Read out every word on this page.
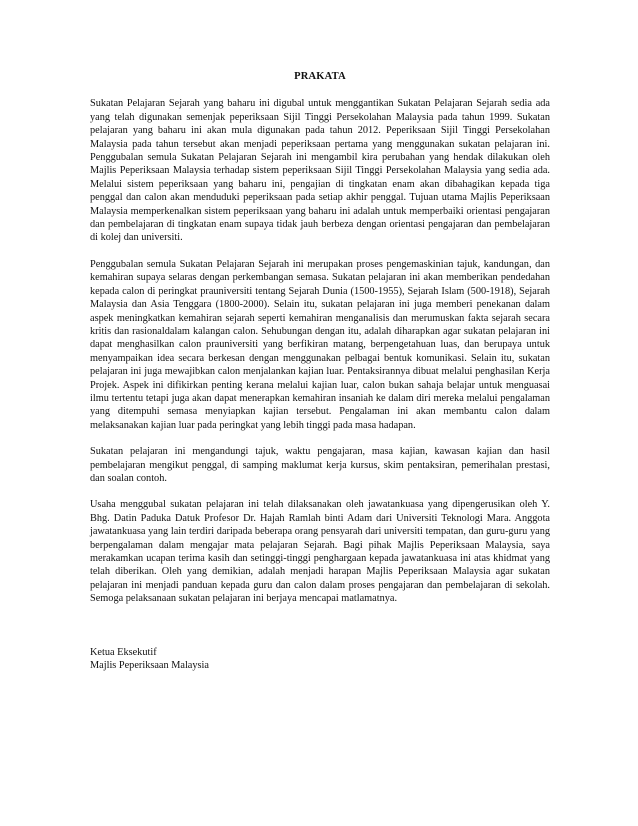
PRAKATA

Sukatan Pelajaran Sejarah yang baharu ini digubal untuk menggantikan Sukatan Pelajaran Sejarah sedia ada yang telah digunakan semenjak peperiksaan Sijil Tinggi Persekolahan Malaysia pada tahun 1999. Sukatan pelajaran yang baharu ini akan mula digunakan pada tahun 2012. Peperiksaan Sijil Tinggi Persekolahan Malaysia pada tahun tersebut akan menjadi peperiksaan pertama yang menggunakan sukatan pelajaran ini. Penggubalan semula Sukatan Pelajaran Sejarah ini mengambil kira perubahan yang hendak dilakukan oleh Majlis Peperiksaan Malaysia terhadap sistem peperiksaan Sijil Tinggi Persekolahan Malaysia yang sedia ada. Melalui sistem peperiksaan yang baharu ini, pengajian di tingkatan enam akan dibahagikan kepada tiga penggal dan calon akan menduduki peperiksaan pada setiap akhir penggal. Tujuan utama Majlis Peperiksaan Malaysia memperkenalkan sistem peperiksaan yang baharu ini adalah untuk memperbaiki orientasi pengajaran dan pembelajaran di tingkatan enam supaya tidak jauh berbeza dengan orientasi pengajaran dan pembelajaran di kolej dan universiti.

Penggubalan semula Sukatan Pelajaran Sejarah ini merupakan proses pengemaskinian tajuk, kandungan, dan kemahiran supaya selaras dengan perkembangan semasa. Sukatan pelajaran ini akan memberikan pendedahan kepada calon di peringkat prauniversiti tentang Sejarah Dunia (1500-1955), Sejarah Islam (500-1918), Sejarah Malaysia dan Asia Tenggara (1800-2000). Selain itu, sukatan pelajaran ini juga memberi penekanan dalam aspek meningkatkan kemahiran sejarah seperti kemahiran menganalisis dan merumuskan fakta sejarah secara kritis dan rasionaldalam kalangan calon. Sehubungan dengan itu, adalah diharapkan agar sukatan pelajaran ini dapat menghasilkan calon prauniversiti yang berfikiran matang, berpengetahuan luas, dan berupaya untuk menyampaikan idea secara berkesan dengan menggunakan pelbagai bentuk komunikasi. Selain itu, sukatan pelajaran ini juga mewajibkan calon menjalankan kajian luar. Pentaksirannya dibuat melalui penghasilan Kerja Projek. Aspek ini difikirkan penting kerana melalui kajian luar, calon bukan sahaja belajar untuk menguasai ilmu tertentu tetapi juga akan dapat menerapkan kemahiran insaniah ke dalam diri mereka melalui pengalaman yang ditempuhi semasa menyiapkan kajian tersebut. Pengalaman ini akan membantu calon dalam melaksanakan kajian luar pada peringkat yang lebih tinggi pada masa hadapan.

Sukatan pelajaran ini mengandungi tajuk, waktu pengajaran, masa kajian, kawasan kajian dan hasil pembelajaran mengikut penggal, di samping maklumat kerja kursus, skim pentaksiran, pemerihalan prestasi, dan soalan contoh.

Usaha menggubal sukatan pelajaran ini telah dilaksanakan oleh jawatankuasa yang dipengerusikan oleh Y. Bhg. Datin Paduka Datuk Profesor Dr. Hajah Ramlah binti Adam dari Universiti Teknologi Mara. Anggota jawatankuasa yang lain terdiri daripada beberapa orang pensyarah dari universiti tempatan, dan guru-guru yang berpengalaman dalam mengajar mata pelajaran Sejarah. Bagi pihak Majlis Peperiksaan Malaysia, saya merakamkan ucapan terima kasih dan setinggi-tinggi penghargaan kepada jawatankuasa ini atas khidmat yang telah diberikan. Oleh yang demikian, adalah menjadi harapan Majlis Peperiksaan Malaysia agar sukatan pelajaran ini menjadi panduan kepada guru dan calon dalam proses pengajaran dan pembelajaran di sekolah. Semoga pelaksanaan sukatan pelajaran ini berjaya mencapai matlamatnya.

Ketua Eksekutif
Majlis Peperiksaan Malaysia
